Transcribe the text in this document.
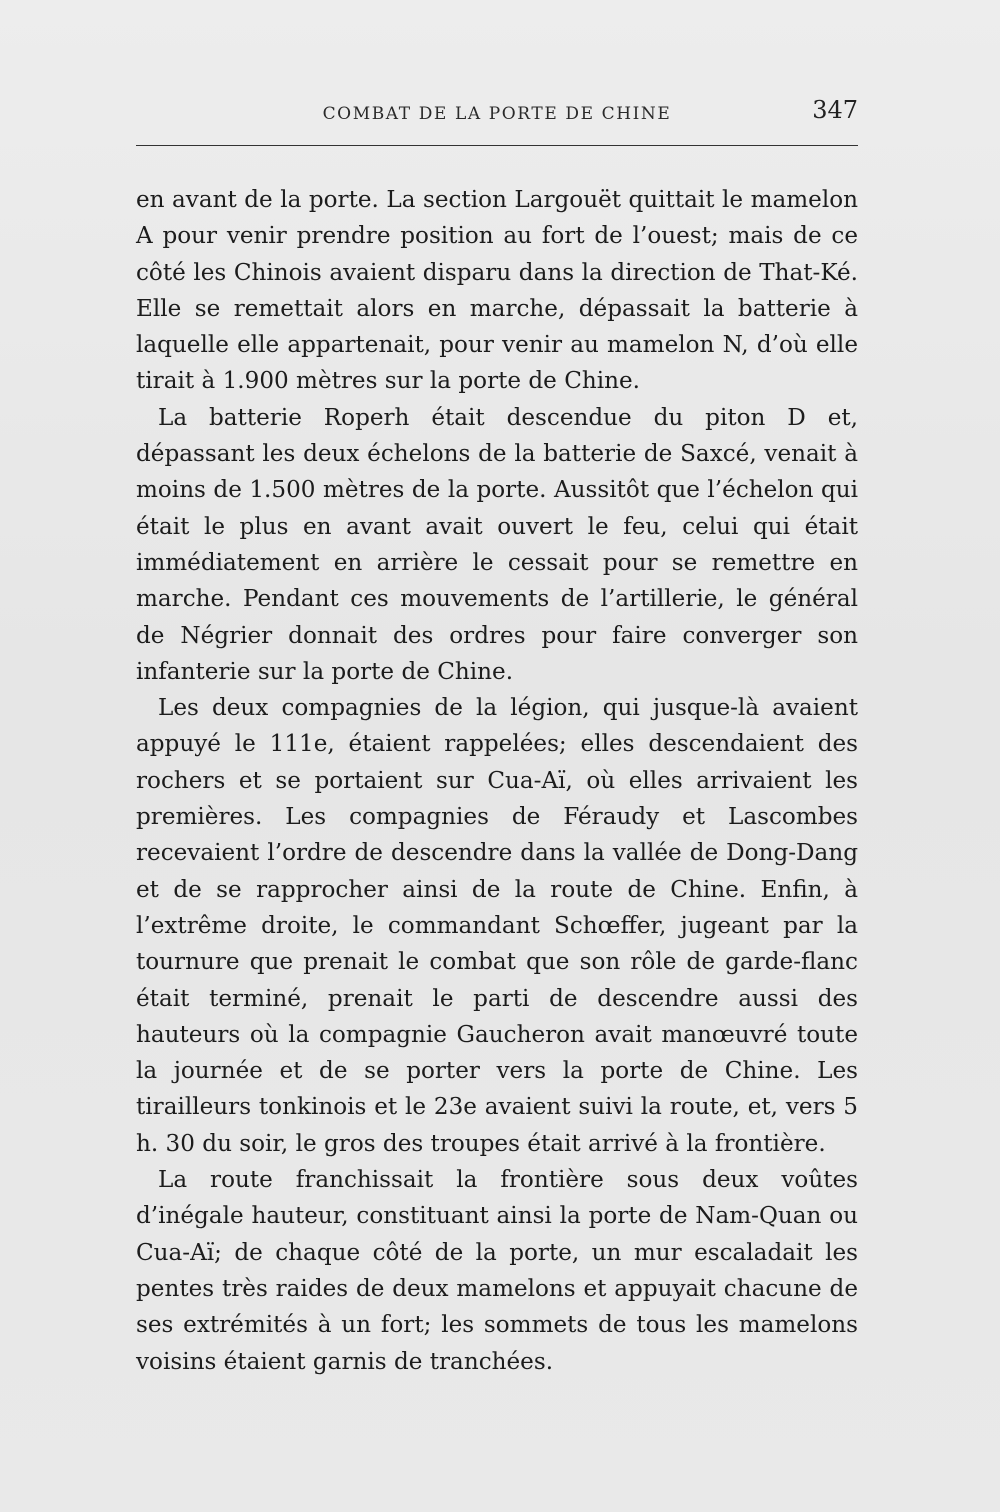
COMBAT DE LA PORTE DE CHINE	347

en avant de la porte. La section Largouët quittait le mamelon A pour venir prendre position au fort de l’ouest; mais de ce côté les Chinois avaient disparu dans la direction de That-Ké. Elle se remettait alors en marche, dépassait la batterie à laquelle elle appartenait, pour venir au mamelon N, d’où elle tirait à 1.900 mètres sur la porte de Chine.

La batterie Roperh était descendue du piton D et, dépassant les deux échelons de la batterie de Saxcé, venait à moins de 1.500 mètres de la porte. Aussitôt que l’échelon qui était le plus en avant avait ouvert le feu, celui qui était immédiatement en arrière le cessait pour se remettre en marche. Pendant ces mouvements de l’artillerie, le général de Négrier donnait des ordres pour faire converger son infanterie sur la porte de Chine.

Les deux compagnies de la légion, qui jusque-là avaient appuyé le 111e, étaient rappelées; elles descendaient des rochers et se portaient sur Cua-Aï, où elles arrivaient les premières. Les compagnies de Féraudy et Lascombes recevaient l’ordre de descendre dans la vallée de Dong-Dang et de se rapprocher ainsi de la route de Chine. Enfin, à l’extrême droite, le commandant Schœffer, jugeant par la tournure que prenait le combat que son rôle de garde-flanc était terminé, prenait le parti de descendre aussi des hauteurs où la compagnie Gaucheron avait manœuvré toute la journée et de se porter vers la porte de Chine. Les tirailleurs tonkinois et le 23e avaient suivi la route, et, vers 5 h. 30 du soir, le gros des troupes était arrivé à la frontière.

La route franchissait la frontière sous deux voûtes d’inégale hauteur, constituant ainsi la porte de Nam-Quan ou Cua-Aï; de chaque côté de la porte, un mur escaladait les pentes très raides de deux mamelons et appuyait chacune de ses extrémités à un fort; les sommets de tous les mamelons voisins étaient garnis de tranchées.
